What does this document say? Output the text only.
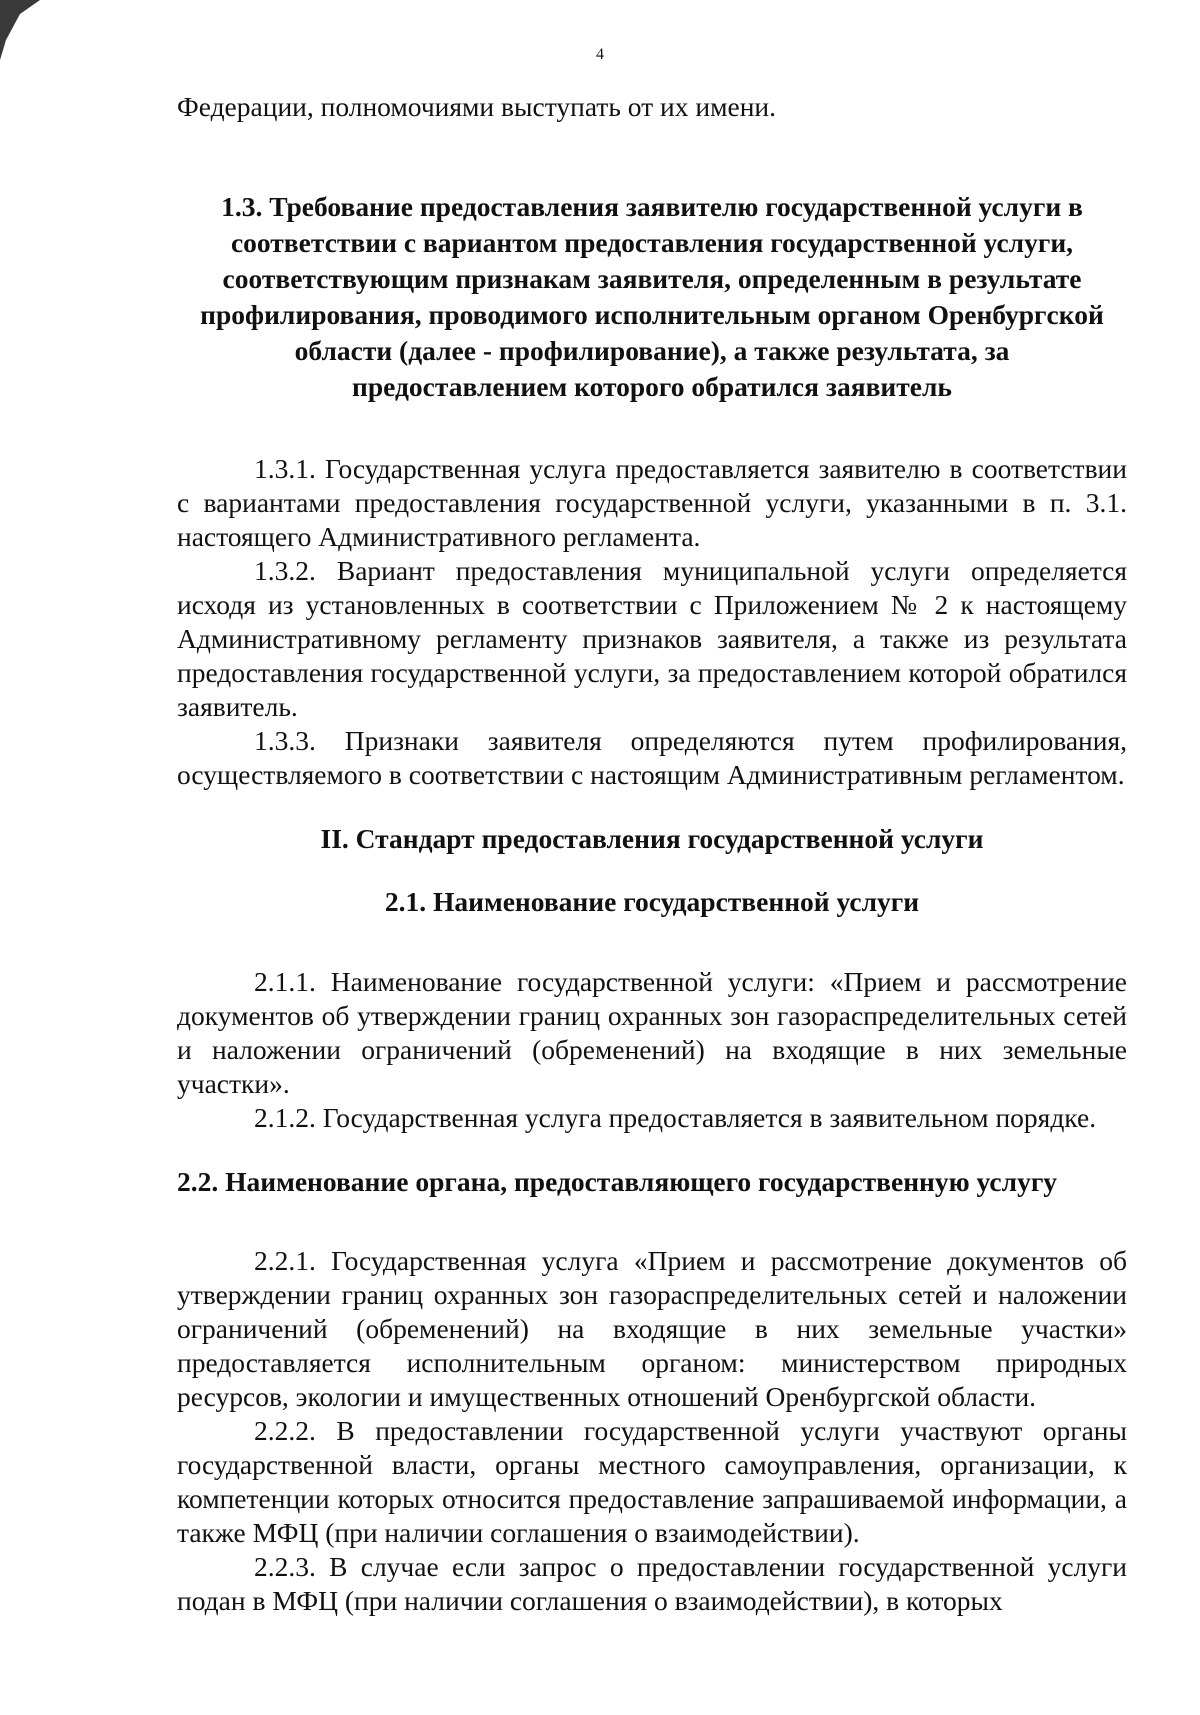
4

Федерации, полномочиями выступать от их имени.

1.3. Требование предоставления заявителю государственной услуги в соответствии с вариантом предоставления государственной услуги, соответствующим признакам заявителя, определенным в результате профилирования, проводимого исполнительным органом Оренбургской области (далее - профилирование), а также результата, за предоставлением которого обратился заявитель

1.3.1. Государственная услуга предоставляется заявителю в соответствии с вариантами предоставления государственной услуги, указанными в п. 3.1. настоящего Административного регламента.

1.3.2. Вариант предоставления муниципальной услуги определяется исходя из установленных в соответствии с Приложением № 2 к настоящему Административному регламенту признаков заявителя, а также из результата предоставления государственной услуги, за предоставлением которой обратился заявитель.

1.3.3. Признаки заявителя определяются путем профилирования, осуществляемого в соответствии с настоящим Административным регламентом.

II. Стандарт предоставления государственной услуги
2.1. Наименование государственной услуги

2.1.1. Наименование государственной услуги: «Прием и рассмотрение документов об утверждении границ охранных зон газораспределительных сетей и наложении ограничений (обременений) на входящие в них земельные участки».

2.1.2. Государственная услуга предоставляется в заявительном порядке.

2.2. Наименование органа, предоставляющего государственную услугу

2.2.1. Государственная услуга «Прием и рассмотрение документов об утверждении границ охранных зон газораспределительных сетей и наложении ограничений (обременений) на входящие в них земельные участки» предоставляется исполнительным органом: министерством природных ресурсов, экологии и имущественных отношений Оренбургской области.

2.2.2. В предоставлении государственной услуги участвуют органы государственной власти, органы местного самоуправления, организации, к компетенции которых относится предоставление запрашиваемой информации, а также МФЦ (при наличии соглашения о взаимодействии).

2.2.3. В случае если запрос о предоставлении государственной услуги подан в МФЦ (при наличии соглашения о взаимодействии), в которых
